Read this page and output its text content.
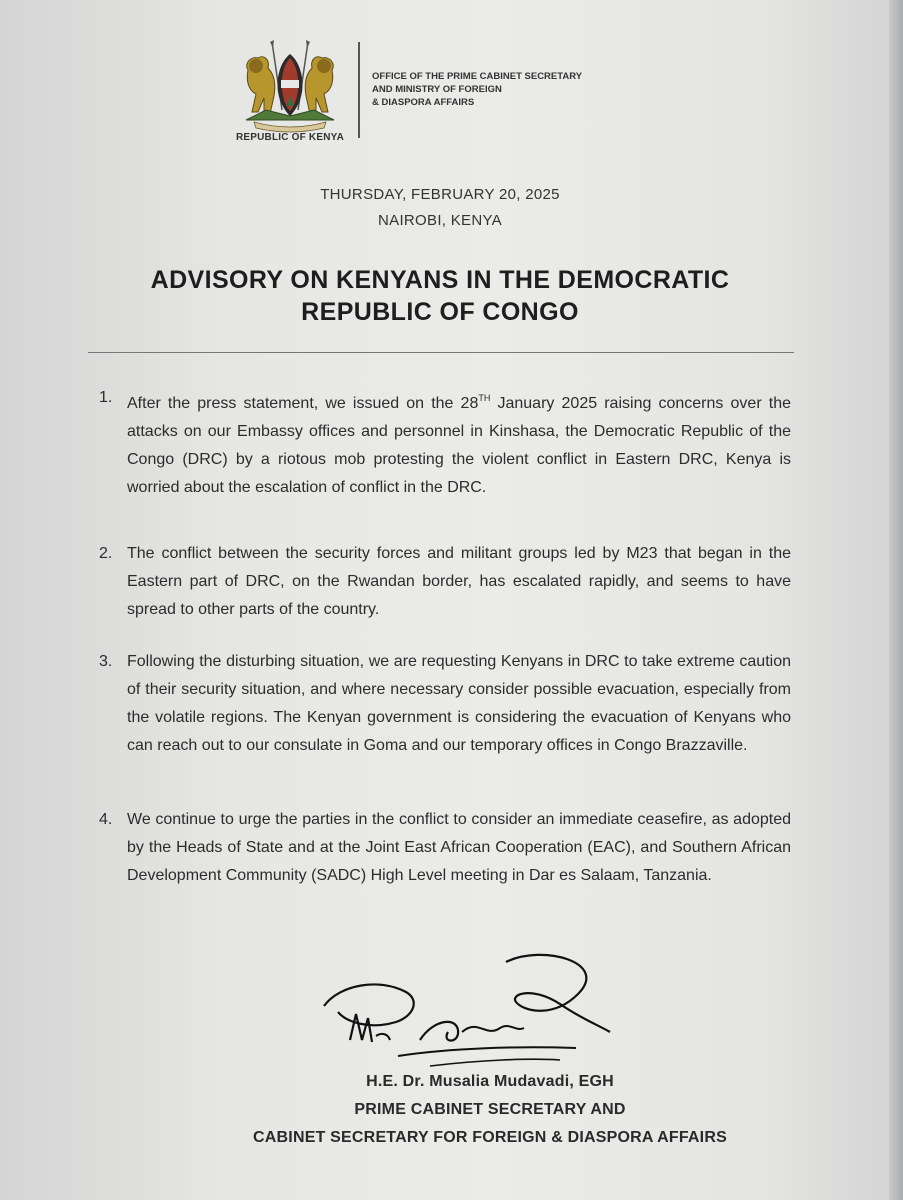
REPUBLIC OF KENYA
OFFICE OF THE PRIME CABINET SECRETARY
AND MINISTRY OF FOREIGN
& DIASPORA AFFAIRS
THURSDAY, FEBRUARY 20, 2025
NAIROBI, KENYA
ADVISORY ON KENYANS IN THE DEMOCRATIC
REPUBLIC OF CONGO
1. After the press statement, we issued on the 28TH January 2025 raising concerns over the attacks on our Embassy offices and personnel in Kinshasa, the Democratic Republic of the Congo (DRC) by a riotous mob protesting the violent conflict in Eastern DRC, Kenya is worried about the escalation of conflict in the DRC.
2. The conflict between the security forces and militant groups led by M23 that began in the Eastern part of DRC, on the Rwandan border, has escalated rapidly, and seems to have spread to other parts of the country.
3. Following the disturbing situation, we are requesting Kenyans in DRC to take extreme caution of their security situation, and where necessary consider possible evacuation, especially from the volatile regions. The Kenyan government is considering the evacuation of Kenyans who can reach out to our consulate in Goma and our temporary offices in Congo Brazzaville.
4. We continue to urge the parties in the conflict to consider an immediate ceasefire, as adopted by the Heads of State and at the Joint East African Cooperation (EAC), and Southern African Development Community (SADC) High Level meeting in Dar es Salaam, Tanzania.
H.E. Dr. Musalia Mudavadi, EGH
PRIME CABINET SECRETARY AND
CABINET SECRETARY FOR FOREIGN & DIASPORA AFFAIRS
